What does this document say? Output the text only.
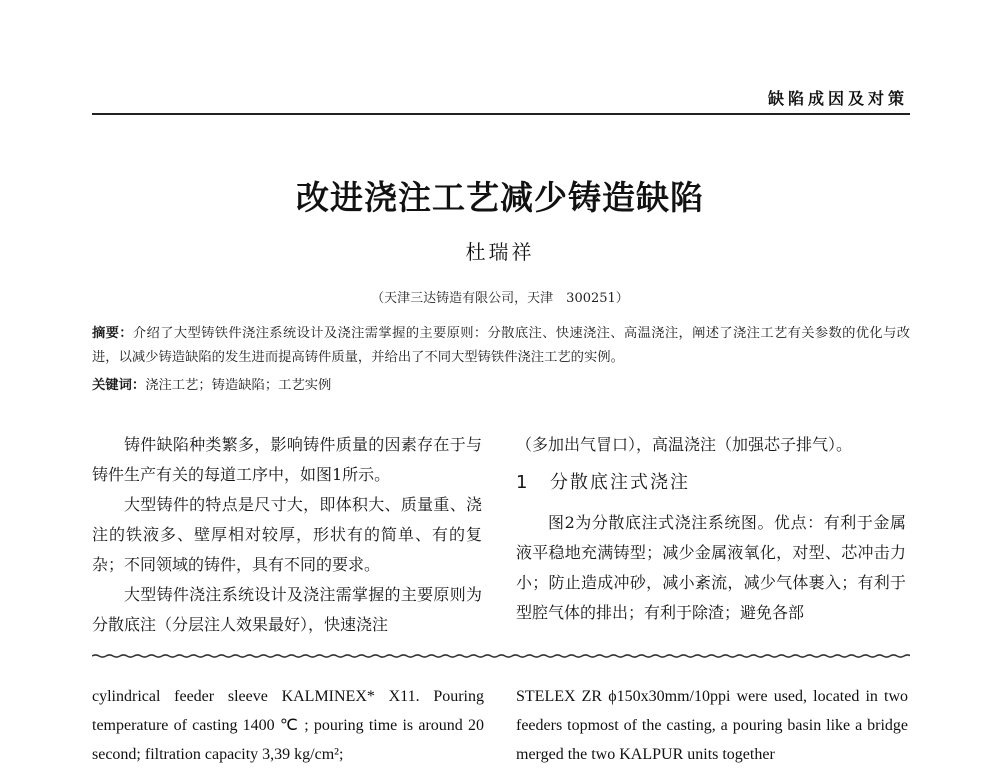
缺陷成因及对策
改进浇注工艺减少铸造缺陷
杜瑞祥
（天津三达铸造有限公司，天津　300251）
摘要：介绍了大型铸铁件浇注系统设计及浇注需掌握的主要原则：分散底注、快速浇注、高温浇注，阐述了浇注工艺有关参数的优化与改进，以减少铸造缺陷的发生进而提高铸件质量，并给出了不同大型铸铁件浇注工艺的实例。
关键词：浇注工艺；铸造缺陷；工艺实例

铸件缺陷种类繁多，影响铸件质量的因素存在于与铸件生产有关的每道工序中，如图1所示。

大型铸件的特点是尺寸大，即体积大、质量重、浇注的铁液多、壁厚相对较厚，形状有的简单、有的复杂；不同领域的铸件，具有不同的要求。

大型铸件浇注系统设计及浇注需掌握的主要原则为分散底注（分层注人效果最好），快速浇注

（多加出气冒口），高温浇注（加强芯子排气）。

1 分散底注式浇注

图2为分散底注式浇注系统图。优点：有利于金属液平稳地充满铸型；减少金属液氧化，对型、芯冲击力小；防止造成冲砂，减小紊流，减少气体裹入；有利于型腔气体的排出；有利于除渣；避免各部

cylindrical feeder sleeve KALMINEX* X11. Pouring temperature of casting 1400 ℃ ; pouring time is around 20 second; filtration capacity 3,39 kg/cm²;

STELEX ZR ϕ150x30mm/10ppi were used, located in two feeders topmost of the casting, a pouring basin like a bridge merged the two KALPUR units together
